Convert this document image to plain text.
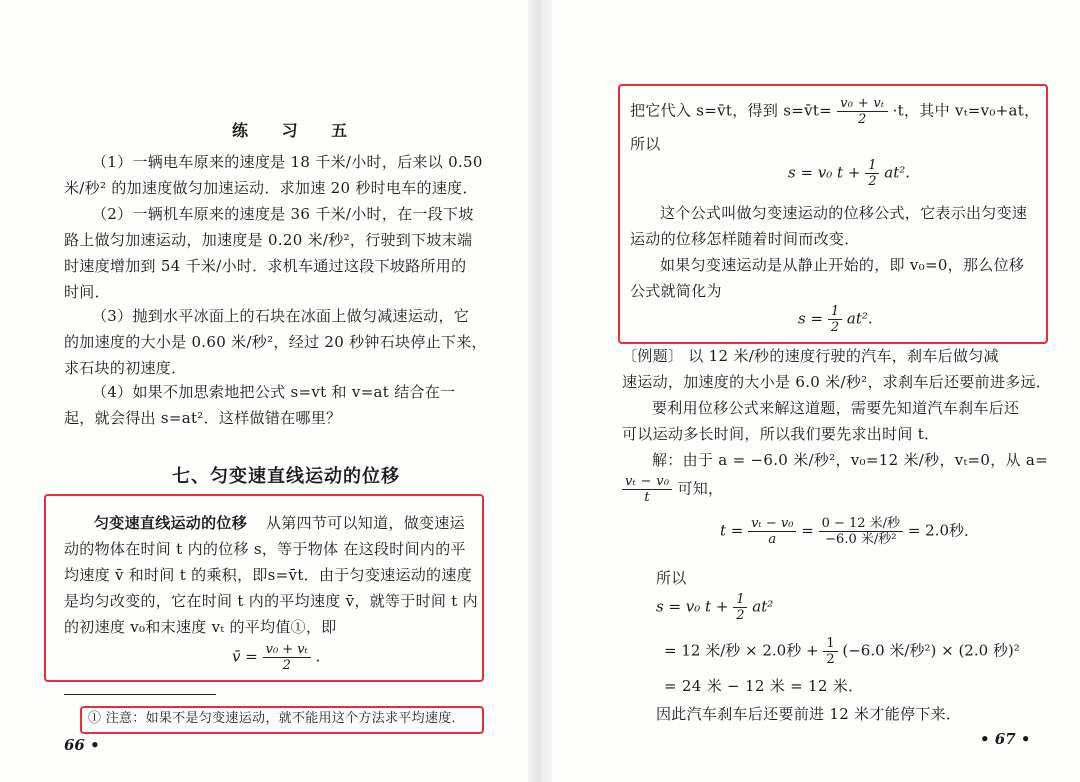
练 习 五
（1）一辆电车原来的速度是 18 千米/小时，后来以 0.50
米/秒² 的加速度做匀加速运动．求加速 20 秒时电车的速度．
（2）一辆机车原来的速度是 36 千米/小时，在一段下坡
路上做匀加速运动，加速度是 0.20 米/秒²，行驶到下坡末端
时速度增加到 54 千米/小时．求机车通过这段下坡路所用的
时间．
（3）抛到水平冰面上的石块在冰面上做匀减速运动，它
的加速度的大小是 0.60 米/秒²，经过 20 秒钟石块停止下来，
求石块的初速度．
（4）如果不加思索地把公式 s=vt 和 v=at 结合在一
起，就会得出 s=at²．这样做错在哪里？
七、匀变速直线运动的位移
匀变速直线运动的位移 从第四节可以知道，做变速运
动的物体在时间 t 内的位移 s，等于物体 在这段时间内的平
均速度 v̄ 和时间 t 的乘积，即s=v̄t．由于匀变速运动的速度
是均匀改变的，它在时间 t 内的平均速度 v̄，就等于时间 t 内
的初速度 v₀和末速度 vₜ 的平均值①，即
v̄ = $\frac{\text{v₀ + vₜ}}{2}$ .
① 注意：如果不是匀变速运动，就不能用这个方法求平均速度．
66 •
把它代入 s=v̄t，得到 s=v̄t= $\frac{\text{v₀ + vₜ}}{2} \cdot t$，其中 vₜ=v₀+at，
所以
s = v₀ $t + \frac{1}{2} at^2$.
这个公式叫做匀变速运动的位移公式，它表示出匀变速
运动的位移怎样随着时间而改变．
如果匀变速运动是从静止开始的，即 v₀=0，那么位移
公式就简化为
$s = \frac{1}{2} at^2$.
〔例题〕 以 12 米/秒的速度行驶的汽车，刹车后做匀减
速运动，加速度的大小是 6.0 米/秒²，求刹车后还要前进多远．
要利用位移公式来解这道题，需要先知道汽车刹车后还
可以运动多长时间，所以我们要先求出时间 t．
解：由于 a = −6.0 米/秒²，v₀=12 米/秒，vₜ=0，从 a=
$\frac{\text{vₜ − v₀}}{t}$ 可知，
$t = \frac{\text{vₜ − v₀}}{a} = \frac{\text{0 − 12 米/秒}}{\text{−6.0 米/秒²}} = 2.0$秒．
所以
s = v₀ $t + \frac{1}{2} at^2$
= 12 米/秒 × 2.0秒 + $\frac{1}{2} (-6.0$ 米/秒²) × (2.0 秒)²
= 24 米 − 12 米 = 12 米．
因此汽车刹车后还要前进 12 米才能停下来．
• 67 •
